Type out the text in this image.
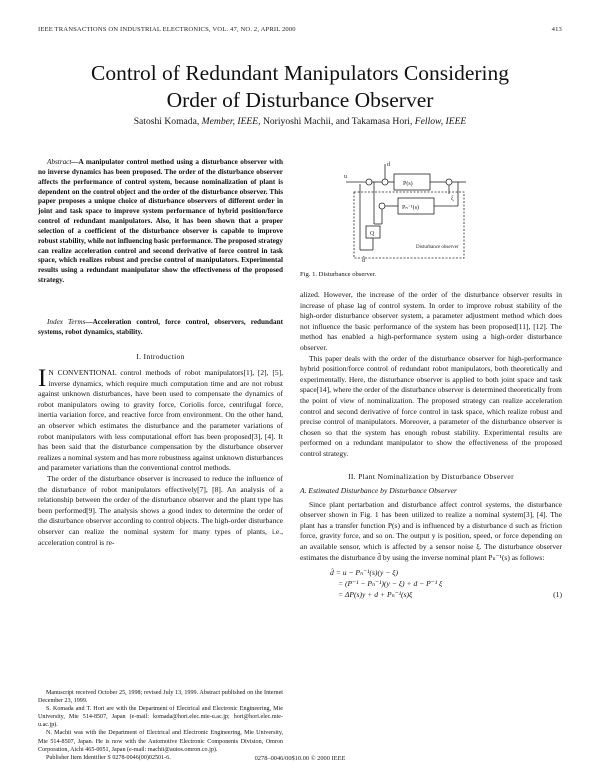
IEEE TRANSACTIONS ON INDUSTRIAL ELECTRONICS, VOL. 47, NO. 2, APRIL 2000	413
Control of Redundant Manipulators Considering
Order of Disturbance Observer
Satoshi Komada, Member, IEEE, Noriyoshi Machii, and Takamasa Hori, Fellow, IEEE
Abstract—A manipulator control method using a disturbance observer with no inverse dynamics has been proposed. The order of the disturbance observer affects the performance of control system, because nominalization of plant is dependent on the control object and the order of the disturbance observer. This paper proposes a unique choice of disturbance observers of different order in joint and task space to improve system performance of hybrid position/force control of redundant manipulators. Also, it has been shown that a proper selection of a coefficient of the disturbance observer is capable to improve robust stability, while not influencing basic performance. The proposed strategy can realize acceleration control and second derivative of force control in task space, which realizes robust and precise control of manipulators. Experimental results using a redundant manipulator show the effectiveness of the proposed strategy.
Index Terms—Acceleration control, force control, observers, redundant systems, robot dynamics, stability.
I. Introduction

I N CONVENTIONAL control methods of robot manipulators[1], [2], [5], inverse dynamics, which require much computation time and are not robust against unknown disturbances, have been used to compensate the dynamics of robot manipulators owing to gravity force, Coriolis force, centrifugal force, inertia variation force, and reactive force from environment. On the other hand, an observer which estimates the disturbance and the parameter variations of robot manipulators with less computational effort has been proposed[3], [4]. It has been said that the disturbance compensation by the disturbance observer realizes a nominal system and has more robustness against unknown disturbances and parameter variations than the conventional control methods.

The order of the disturbance observer is increased to reduce the influence of the disturbance of robot manipulators effectively[7], [8]. An analysis of a relationship between the order of the disturbance observer and the plant type has been performed[9]. The analysis shows a good index to determine the order of the disturbance observer according to control objects. The high-order disturbance observer can realize the nominal system for many types of plants, i.e., acceleration control is re-

Manuscript received October 25, 1998; revised July 13, 1999. Abstract published on the Internet December 23, 1999.

S. Komada and T. Hori are with the Department of Electrical and Electronic Engineering, Mie University, Mie 514-8507, Japan (e-mail: komada@hori.elec.mie-u.ac.jp; hori@hori.elec.mie-u.ac.jp).

N. Machii was with the Department of Electrical and Electronic Engineering, Mie University, Mie 514-8507, Japan. He is now with the Automotive Electronic Components Division, Omron Corporation, Aichi 465-0051, Japan (e-mail: machii@autos.omron.co.jp).

Publisher Item Identifier S 0278-0046(00)02501-6.

u
d
P(s)
ξ
Pₙ⁻¹(s)
Q
Disturbance observer
d̂
Fig. 1. Disturbance observer.

alized. However, the increase of the order of the disturbance observer results in increase of phase lag of control system. In order to improve robust stability of the high-order disturbance observer system, a parameter adjustment method which does not influence the basic performance of the system has been proposed[11], [12]. The method has enabled a high-performance system using a high-order disturbance observer.

This paper deals with the order of the disturbance observer for high-performance hybrid position/force control of redundant robot manipulators, both theoretically and experimentally. Here, the disturbance observer is applied to both joint space and task space[14], where the order of the disturbance observer is determined theoretically from the point of view of nominalization. The proposed strategy can realize acceleration control and second derivative of force control in task space, which realize robust and precise control of manipulators. Moreover, a parameter of the disturbance observer is chosen so that the system has enough robust stability. Experimental results are performed on a redundant manipulator to show the effectiveness of the proposed control strategy.

II. Plant Nominalization by Disturbance Observer
A. Estimated Disturbance by Disturbance Observer

Since plant pertarbation and disturbance affect control systems, the disturbance observer shown in Fig. 1 has been utilized to realize a nominal system[3], [4]. The plant has a transfer function P(s) and is influenced by a disturbance d such as friction force, gravity force, and so on. The output y is position, speed, or force depending on an available sensor, which is affected by a sensor noise ξ. The disturbance observer estimates the disturbance d̂ by using the inverse nominal plant Pₙ⁻¹(s) as follows:

d̂ = u − Pₙ⁻¹(s)(y − ξ)
= (P⁻¹ − Pₙ⁻¹)(y − ξ) + d − P⁻¹ ξ
= ΔP(s)y + d + Pₙ⁻¹(s)ξ	(1)
0278–0046/00$10.00 © 2000 IEEE
